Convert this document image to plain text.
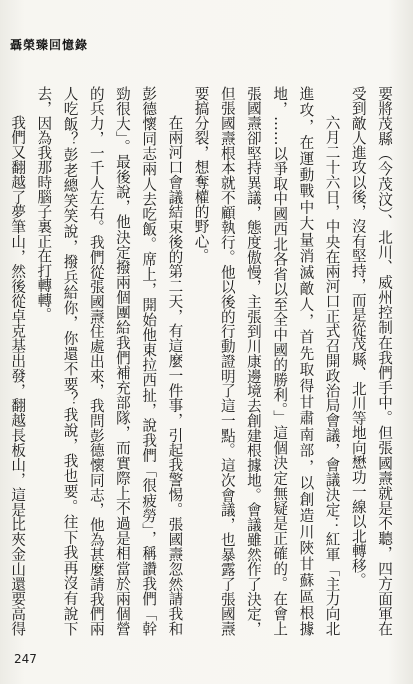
聶榮臻回憶錄

要將茂縣（今茂汶）、北川、威州控制在我們手中。但張國燾就是不聽，四方面軍在受到敵人進攻以後，沒有堅持，而是從茂縣、北川等地向懋功一線以北轉移。

六月二十六日，中央在兩河口正式召開政治局會議，會議決定：紅軍「主力向北進攻，在運動戰中大量消滅敵人，首先取得甘肅南部，以創造川陝甘蘇區根據地，……以爭取中國西北各省以至全中國的勝利。」這個決定無疑是正確的。在會上張國燾卻堅持異議，態度傲慢，主張到川康邊境去創建根據地。會議雖然作了決定，但張國燾根本就不顧執行。他以後的行動證明了這一點。這次會議，也暴露了張國燾要搞分裂，想奪權的野心。

在兩河口會議結束後的第二天，有這麼一件事，引起我警惕。張國燾忽然請我和彭德懷同志兩人去吃飯。席上，開始他東拉西扯，說我們「很疲勞」，稱讚我們「幹勁很大」。最後說，他決定撥兩個團給我們補充部隊，而實際上不過是相當於兩個營的兵力，一千人左右。我們從張國燾住處出來，我問彭德懷同志，他為甚麼請我們兩人吃飯？彭老總笑笑說，撥兵給你，你還不要？我說，我也要。往下我再沒有說下去，因為我那時腦子裏正在打轉轉。

我們又翻越了夢筆山，然後從卓克基出發，翻越長板山，這是比夾金山還要高得

247
